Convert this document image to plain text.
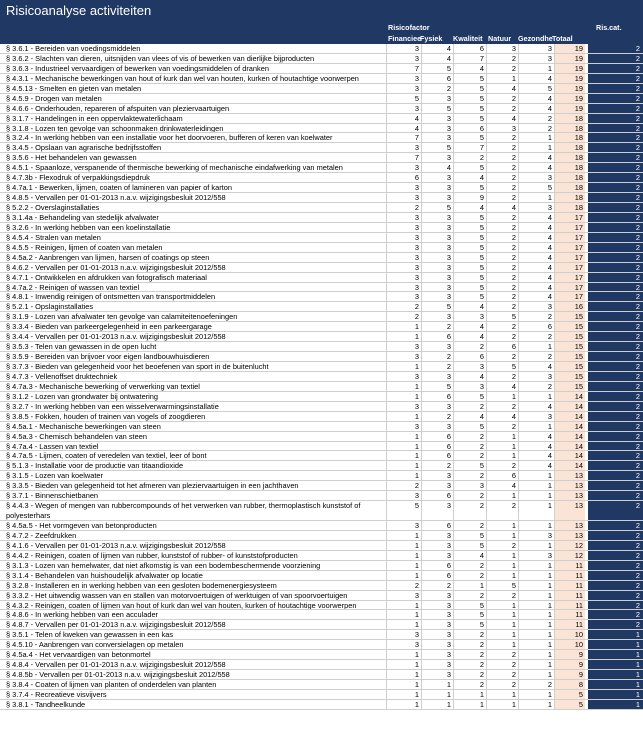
Risicoanalyse activiteiten
Risicofactor
Financiee
Fysiek Kwaliteit Natuur Gezondhe Totaal
Ris.cat.
§ 3.6.1 - Bereiden van voedingsmiddelen	3	4	6	3	3	19	2
§ 3.6.2 - Slachten van dieren, uitsnijden van vlees of vis of bewerken van dierlijke bijproducten	3	4	7	2	3	19	2
§ 3.6.3 - Industrieel vervaardigen of bewerken van voedingsmiddelen of dranken	7	5	4	2	1	19	2
§ 4.3.1 - Mechanische bewerkingen van hout of kurk dan wel van houten, kurken of houtachtige voorwerpen	3	6	5	1	4	19	2
§ 4.5.13 - Smelten en gieten van metalen	3	2	5	4	5	19	2
§ 4.5.9 - Drogen van metalen	5	3	5	2	4	19	2
§ 4.6.6 - Onderhouden, repareren of afspuiten van pleziervaartuigen	3	5	5	2	4	19	2
§ 3.1.7 - Handelingen in een oppervlaktewaterlichaam	4	3	5	4	2	18	2
§ 3.1.8 - Lozen ten gevolge van schoonmaken drinkwaterleidingen	4	3	6	3	2	18	2
§ 3.2.4 - In werking hebben van een installatie voor het doorvoeren, bufferen of keren van koelwater	7	3	5	2	1	18	2
§ 3.4.5 - Opslaan van agrarische bedrijfsstoffen	3	5	7	2	1	18	2
§ 3.5.6 - Het behandelen van gewassen	7	3	2	2	4	18	2
§ 4.5.1 - Spaanloze, verspanende of thermische bewerking of mechanische eindafwerking van metalen	3	4	5	2	4	18	2
§ 4.7.3b - Flexodruk of verpakkingsdiepdruk	6	3	4	2	3	18	2
§ 4.7a.1 - Bewerken, lijmen, coaten of lamineren van papier of karton	3	3	5	2	5	18	2
§ 4.8.5 - Vervallen per 01-01-2013 n.a.v. wijzigingsbesluit 2012/558	3	3	9	2	1	18	2
§ 5.2.2 - Overslaginstallaties	2	5	4	4	3	18	2
§ 3.1.4a - Behandeling van stedelijk afvalwater	3	3	5	2	4	17	2
§ 3.2.6 - In werking hebben van een koelinstallatie	3	3	5	2	4	17	2
§ 4.5.4 - Stralen van metalen	3	3	5	2	4	17	2
§ 4.5.5 - Reinigen, lijmen of coaten van metalen	3	3	5	2	4	17	2
§ 4.5a.2 - Aanbrengen van lijmen, harsen of coatings op steen	3	3	5	2	4	17	2
§ 4.6.2 - Vervallen per 01-01-2013 n.a.v. wijzigingsbesluit 2012/558	3	3	5	2	4	17	2
§ 4.7.1 - Ontwikkelen en afdrukken van fotografisch materiaal	3	3	5	2	4	17	2
§ 4.7a.2 - Reinigen of wassen van textiel	3	3	5	2	4	17	2
§ 4.8.1 - Inwendig reinigen of ontsmetten van transportmiddelen	3	3	5	2	4	17	2
§ 5.2.1 - Opslaginstallaties	2	5	4	2	3	16	2
§ 3.1.9 - Lozen van afvalwater ten gevolge van calamiteitenoefeningen	2	3	3	5	2	15	2
§ 3.3.4 - Bieden van parkeergelegenheid in een parkeergarage	1	2	4	2	6	15	2
§ 3.4.4 - Vervallen per 01-01-2013 n.a.v. wijzigingsbesluit 2012/558	1	6	4	2	2	15	2
§ 3.5.3 - Telen van gewassen in de open lucht	3	3	2	6	1	15	2
§ 3.5.9 - Bereiden van brijvoer voor eigen landbouwhuisdieren	3	2	6	2	2	15	2
§ 3.7.3 - Bieden van gelegenheid voor het beoefenen van sport in de buitenlucht	1	2	3	5	4	15	2
§ 4.7.3 - Vellenoffset druktechniek	3	3	4	2	3	15	2
§ 4.7a.3 - Mechanische bewerking of verwerking van textiel	1	5	3	4	2	15	2
§ 3.1.2 - Lozen van grondwater bij ontwatering	1	6	5	1	1	14	2
§ 3.2.7 - In werking hebben van een wisselverwarmingsinstallatie	3	3	2	2	4	14	2
§ 3.8.5 - Fokken, houden of trainen van vogels of zoogdieren	1	2	4	4	3	14	2
§ 4.5a.1 - Mechanische bewerkingen van steen	3	3	5	2	1	14	2
§ 4.5a.3 - Chemisch behandelen van steen	1	6	2	1	4	14	2
§ 4.7a.4 - Lassen van textiel	1	6	2	1	4	14	2
§ 4.7a.5 - Lijmen, coaten of veredelen van textiel, leer of bont	1	6	2	1	4	14	2
§ 5.1.3 - Installatie voor de productie van titaandioxide	1	2	5	2	4	14	2
§ 3.1.5 - Lozen van koelwater	1	3	2	6	1	13	2
§ 3.3.5 - Bieden van gelegenheid tot het afmeren van pleziervaartuigen in een jachthaven	2	3	3	4	1	13	2
§ 3.7.1 - Binnenschietbanen	3	6	2	1	1	13	2
§ 4.4.3 - Wegen of mengen van rubbercompounds of het verwerken van rubber, thermoplastisch kunststof of polyesterhars
5	3	2	2	1	13	2
§ 4.5a.5 - Het vormgeven van betonproducten	3	6	2	1	1	13	2
§ 4.7.2 - Zeefdrukken	1	3	5	1	3	13	2
§ 4.1.6 - Vervallen per 01-01-2013 n.a.v. wijzigingsbesluit 2012/558	1	3	5	2	1	12	2
§ 4.4.2 - Reinigen, coaten of lijmen van rubber, kunststof of rubber- of kunststofproducten	1	3	4	1	3	12	2
§ 3.1.3 - Lozen van hemelwater, dat niet afkomstig is van een bodembeschermende voorziening	1	6	2	1	1	11	2
§ 3.1.4 - Behandelen van huishoudelijk afvalwater op locatie	1	6	2	1	1	11	2
§ 3.2.8 - Installeren en in werking hebben van een gesloten bodemenergiesysteem	2	2	1	5	1	11	2
§ 3.3.2 - Het uitwendig wassen van en stallen van motorvoertuigen of werktuigen of van spoorvoertuigen	3	3	2	2	1	11	2
§ 4.3.2 - Reinigen, coaten of lijmen van hout of kurk dan wel van houten, kurken of houtachtige voorwerpen	1	3	5	1	1	11	2
§ 4.8.6 - In werking hebben van een acculader	1	3	5	1	1	11	2
§ 4.8.7 - Vervallen per 01-01-2013 n.a.v. wijzigingsbesluit 2012/558	1	3	5	1	1	11	2
§ 3.5.1 - Telen of kweken van gewassen in een kas	3	3	2	1	1	10	1
§ 4.5.10 - Aanbrengen van conversielagen op metalen	3	3	2	1	1	10	1
§ 4.5a.4 - Het vervaardigen van betonmortel	1	3	2	2	1	9	1
§ 4.8.4 - Vervallen per 01-01-2013 n.a.v. wijzigingsbesluit 2012/558	1	3	2	2	1	9	1
§ 4.8.5b - Vervallen per 01-01-2013 n.a.v. wijzigingsbesluit 2012/558	1	3	2	2	1	9	1
§ 3.8.4 - Coaten of lijmen van planten of onderdelen van planten	1	1	2	2	2	8	1
§ 3.7.4 - Recreatieve visvijvers	1	1	1	1	1	5	1
§ 3.8.1 - Tandheelkunde	1	1	1	1	1	5	1
